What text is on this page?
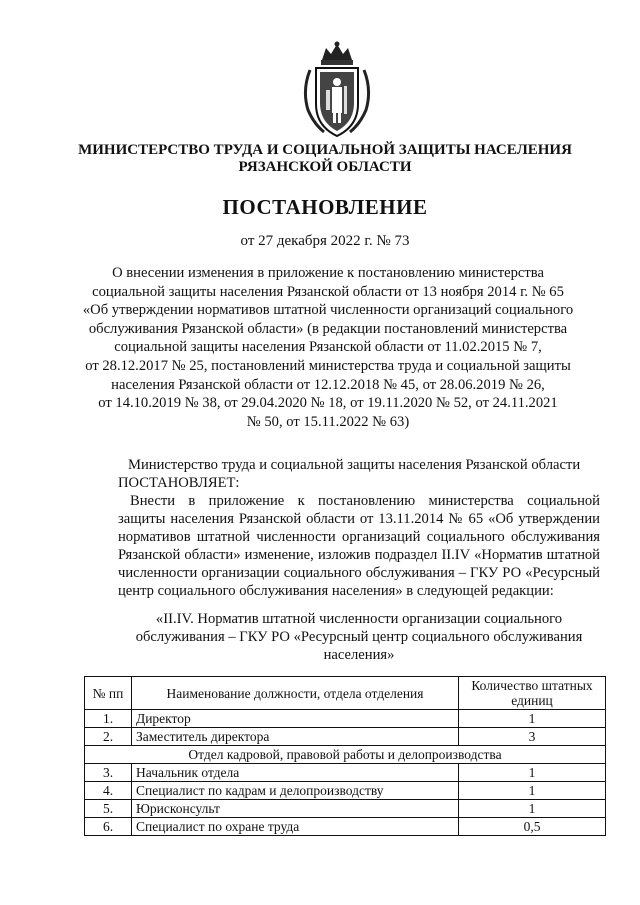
МИНИСТЕРСТВО ТРУДА И СОЦИАЛЬНОЙ ЗАЩИТЫ НАСЕЛЕНИЯ
РЯЗАНСКОЙ ОБЛАСТИ
ПОСТАНОВЛЕНИЕ
от 27 декабря 2022 г. № 73
О внесении изменения в приложение к постановлению министерства
социальной защиты населения Рязанской области от 13 ноября 2014 г. № 65
«Об утверждении нормативов штатной численности организаций социального
обслуживания Рязанской области» (в редакции постановлений министерства
социальной защиты населения Рязанской области от 11.02.2015 № 7,
от 28.12.2017 № 25, постановлений министерства труда и социальной защиты
населения Рязанской области от 12.12.2018 № 45, от 28.06.2019 № 26,
от 14.10.2019 № 38, от 29.04.2020 № 18, от 19.11.2020 № 52, от 24.11.2021
№ 50, от 15.11.2022 № 63)
Министерство труда и социальной защиты населения Рязанской области
ПОСТАНОВЛЯЕТ:
Внести в приложение к постановлению министерства социальной
защиты населения Рязанской области от 13.11.2014 № 65 «Об утверждении
нормативов штатной численности организаций социального обслуживания
Рязанской области» изменение, изложив подраздел II.IV «Норматив штатной
численности организации социального обслуживания – ГКУ РО «Ресурсный
центр социального обслуживания населения» в следующей редакции:
«II.IV. Норматив штатной численности организации социального
обслуживания – ГКУ РО «Ресурсный центр социального обслуживания
населения»
№ пп	Наименование должности, отдела отделения	Количество штатных единиц
1.	Директор	1
2.	Заместитель директора	3
Отдел кадровой, правовой работы и делопроизводства		
3.	Начальник отдела	1
4.	Специалист по кадрам и делопроизводству	1
5.	Юрисконсульт	1
6.	Специалист по охране труда	0,5
